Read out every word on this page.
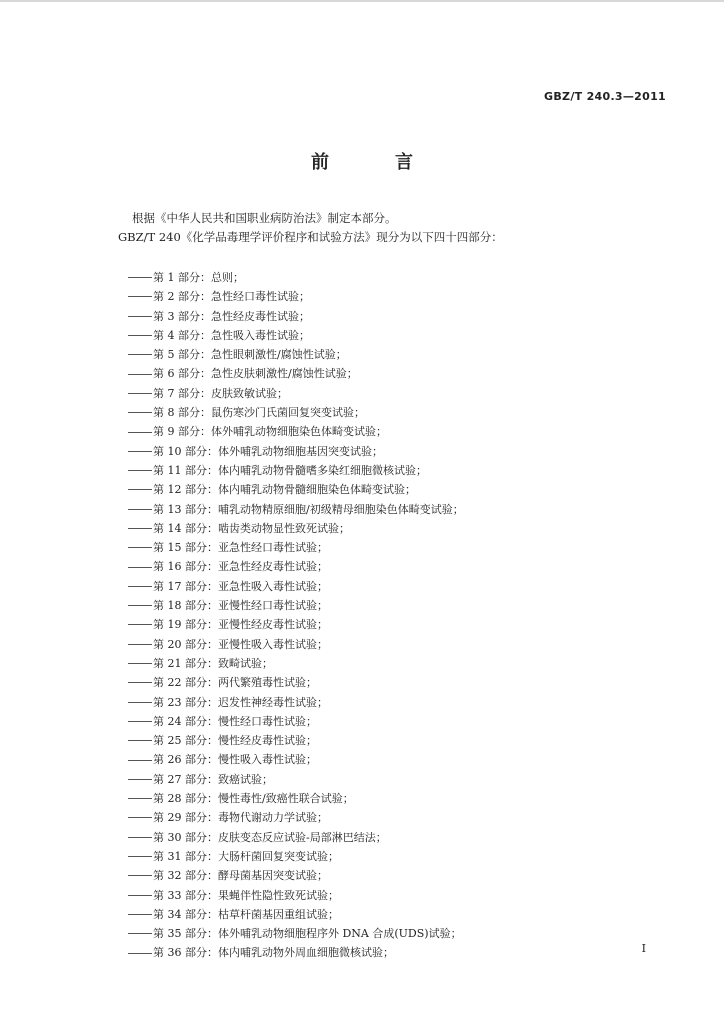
GBZ/T 240.3—2011
前　言
根据《中华人民共和国职业病防治法》制定本部分。
GBZ/T 240《化学品毒理学评价程序和试验方法》现分为以下四十四部分：
第 1 部分：总则；
第 2 部分：急性经口毒性试验；
第 3 部分：急性经皮毒性试验；
第 4 部分：急性吸入毒性试验；
第 5 部分：急性眼刺激性/腐蚀性试验；
第 6 部分：急性皮肤刺激性/腐蚀性试验；
第 7 部分：皮肤致敏试验；
第 8 部分：鼠伤寒沙门氏菌回复突变试验；
第 9 部分：体外哺乳动物细胞染色体畸变试验；
第 10 部分：体外哺乳动物细胞基因突变试验；
第 11 部分：体内哺乳动物骨髓嗜多染红细胞微核试验；
第 12 部分：体内哺乳动物骨髓细胞染色体畸变试验；
第 13 部分：哺乳动物精原细胞/初级精母细胞染色体畸变试验；
第 14 部分：啮齿类动物显性致死试验；
第 15 部分：亚急性经口毒性试验；
第 16 部分：亚急性经皮毒性试验；
第 17 部分：亚急性吸入毒性试验；
第 18 部分：亚慢性经口毒性试验；
第 19 部分：亚慢性经皮毒性试验；
第 20 部分：亚慢性吸入毒性试验；
第 21 部分：致畸试验；
第 22 部分：两代繁殖毒性试验；
第 23 部分：迟发性神经毒性试验；
第 24 部分：慢性经口毒性试验；
第 25 部分：慢性经皮毒性试验；
第 26 部分：慢性吸入毒性试验；
第 27 部分：致癌试验；
第 28 部分：慢性毒性/致癌性联合试验；
第 29 部分：毒物代谢动力学试验；
第 30 部分：皮肤变态反应试验-局部淋巴结法；
第 31 部分：大肠杆菌回复突变试验；
第 32 部分：酵母菌基因突变试验；
第 33 部分：果蝇伴性隐性致死试验；
第 34 部分：枯草杆菌基因重组试验；
第 35 部分：体外哺乳动物细胞程序外 DNA 合成(UDS)试验；
第 36 部分：体内哺乳动物外周血细胞微核试验；	I
